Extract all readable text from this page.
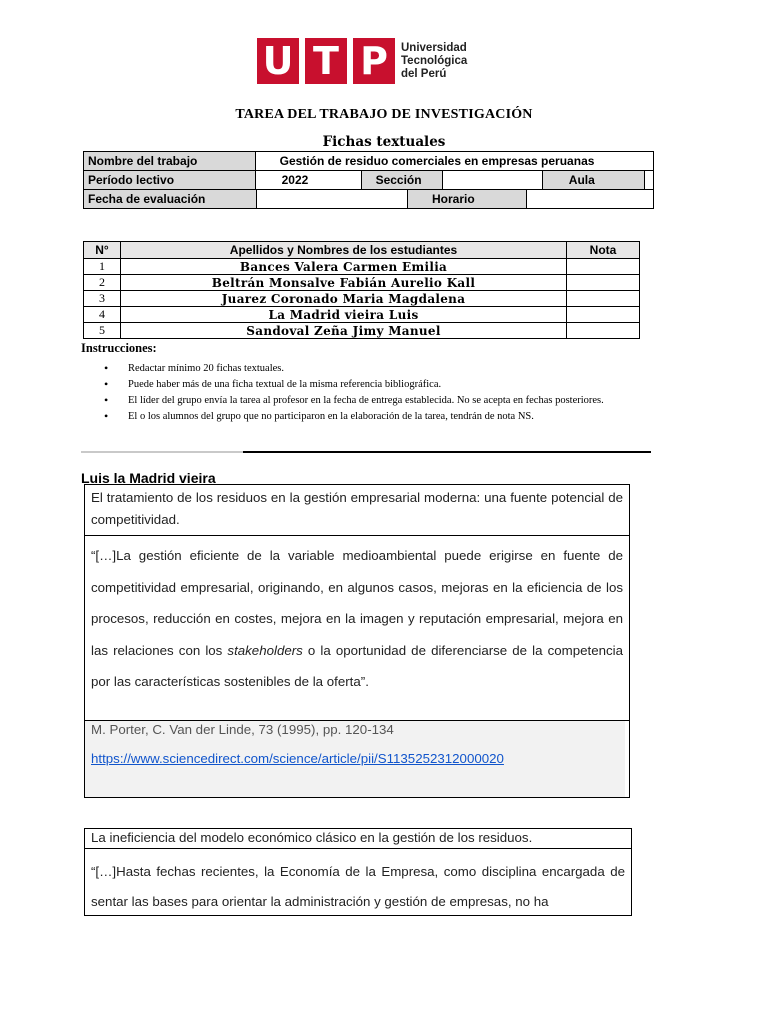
U T P	Universidad
Tecnológica
del Perú
TAREA DEL TRABAJO DE INVESTIGACIÓN
Fichas textuales
Nombre del trabajo	Gestión de residuo comerciales en empresas peruanas				
Período lectivo	2022	Sección		Aula	
Fecha de evaluación		Horario	
N°	Apellidos y Nombres de los estudiantes	Nota
1	Bances Valera Carmen Emilia	
2	Beltrán Monsalve Fabián Aurelio Kall	
3	Juarez Coronado Maria Magdalena	
4	La Madrid vieira Luis	
5	Sandoval Zeña Jimy Manuel	
Instrucciones:
• Redactar mínimo 20 fichas textuales.
• Puede haber más de una ficha textual de la misma referencia bibliográfica.
• El líder del grupo envía la tarea al profesor en la fecha de entrega establecida. No se acepta en fechas posteriores.
• El o los alumnos del grupo que no participaron en la elaboración de la tarea, tendrán de nota NS.
Luis la Madrid vieira

El tratamiento de los residuos en la gestión empresarial moderna: una fuente potencial de competitividad.

“[…]La gestión eficiente de la variable medioambiental puede erigirse en fuente de competitividad empresarial, originando, en algunos casos, mejoras en la eficiencia de los procesos, reducción en costes, mejora en la imagen y reputación empresarial, mejora en las relaciones con los stakeholders o la oportunidad de diferenciarse de la competencia por las características sostenibles de la oferta”.

M. Porter, C. Van der Linde, 73 (1995), pp. 120-134
https://www.sciencedirect.com/science/article/pii/S1135252312000020
La ineficiencia del modelo económico clásico en la gestión de los residuos.
“[…]Hasta fechas recientes, la Economía de la Empresa, como disciplina encargada de sentar las bases para orientar la administración y gestión de empresas, no ha
